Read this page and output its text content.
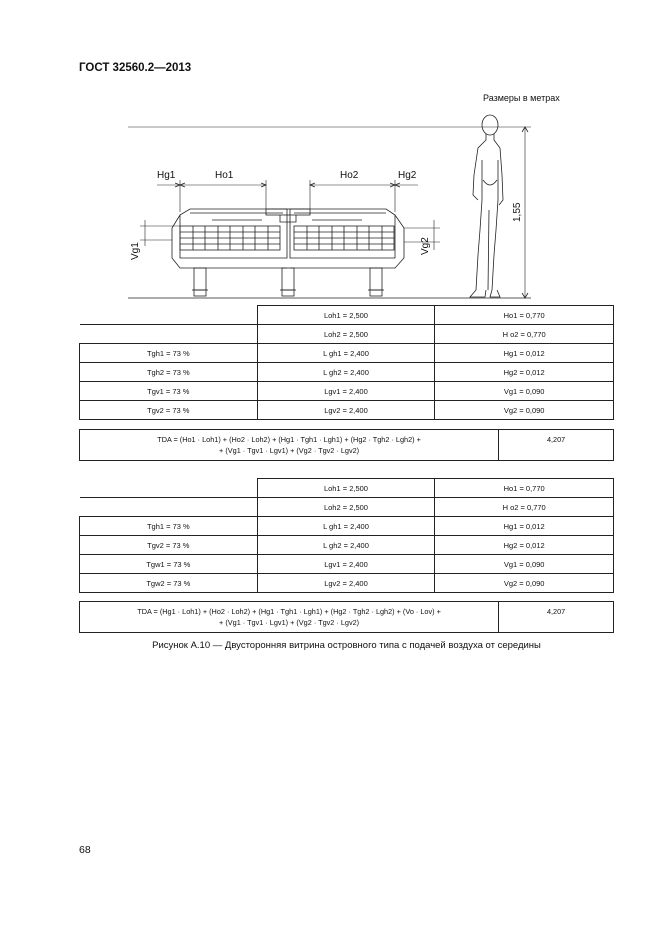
ГОСТ 32560.2—2013
Размеры в метрах
Hg1	Ho1	Ho2	Hg2
Vg1	Vg2
1,55
	Loh1 = 2,500	Ho1 = 0,770
	Loh2 = 2,500	H o2 = 0,770
Tgh1 = 73 %	L gh1 = 2,400	Hg1 = 0,012
Tgh2 = 73 %	L gh2 = 2,400	Hg2 = 0,012
Tgv1 = 73 %	Lgv1 = 2,400	Vg1 = 0,090
Tgv2 = 73 %	Lgv2 = 2,400	Vg2 = 0,090
TDA = (Ho1 · Loh1) + (Ho2 · Loh2) + (Hg1 · Tgh1 · Lgh1) + (Hg2 · Tgh2 · Lgh2) +
+ (Vg1 · Tgv1 · Lgv1) + (Vg2 · Tgv2 · Lgv2)
	4,207
	Loh1 = 2,500	Ho1 = 0,770
	Loh2 = 2,500	H o2 = 0,770
Tgh1 = 73 %	L gh1 = 2,400	Hg1 = 0,012
Tgv2 = 73 %	L gh2 = 2,400	Hg2 = 0,012
Tgw1 = 73 %	Lgv1 = 2,400	Vg1 = 0,090
Tgw2 = 73 %	Lgv2 = 2,400	Vg2 = 0,090
TDA = (Hg1 · Loh1) + (Ho2 · Loh2) + (Hg1 · Tgh1 · Lgh1) + (Hg2 · Tgh2 · Lgh2) + (Vo · Lov) +
+ (Vg1 · Tgv1 · Lgv1) + (Vg2 · Tgv2 · Lgv2)
	4,207
Рисунок А.10 — Двусторонняя витрина островного типа с подачей воздуха от середины
68
